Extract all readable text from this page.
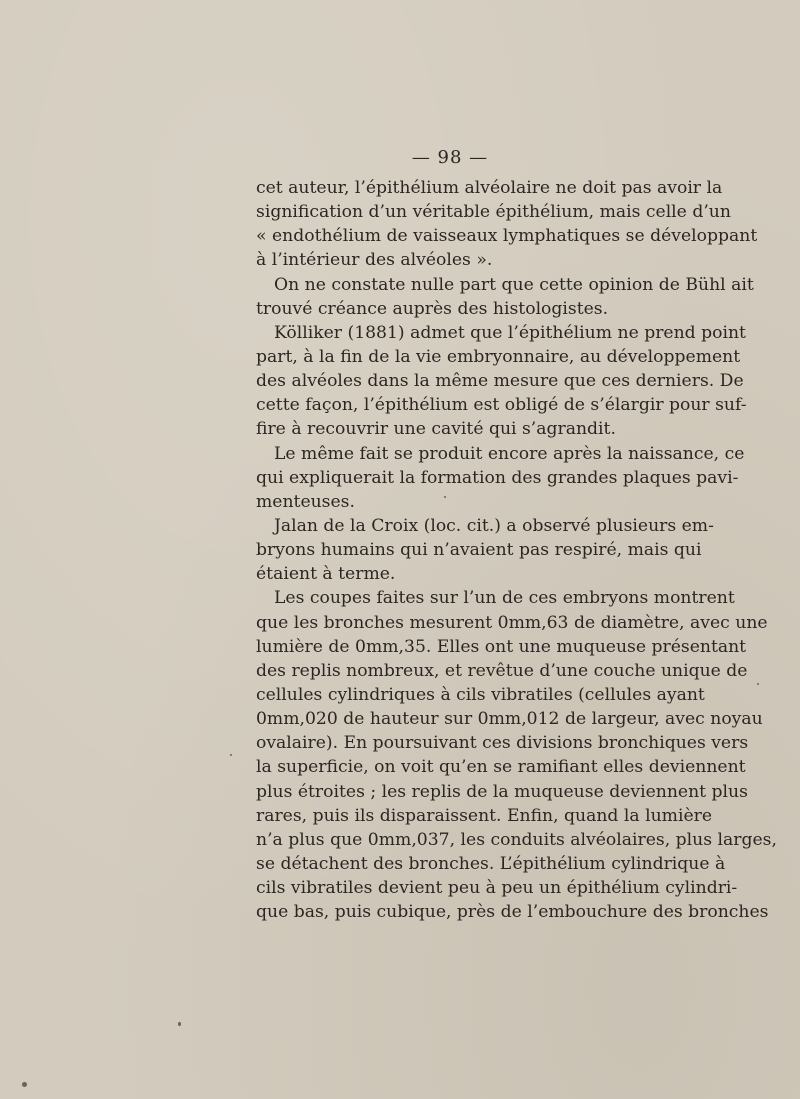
— 98 —
cet auteur, l’épithélium alvéolaire ne doit pas avoir la
signification d’un véritable épithélium, mais celle d’un
« endothélium de vaisseaux lymphatiques se développant
à l’intérieur des alvéoles ».
On ne constate nulle part que cette opinion de Bühl ait
trouvé créance auprès des histologistes.
Kölliker (1881) admet que l’épithélium ne prend point
part, à la fin de la vie embryonnaire, au développement
des alvéoles dans la même mesure que ces derniers. De
cette façon, l’épithélium est obligé de s’élargir pour suf-
fire à recouvrir une cavité qui s’agrandit.
Le même fait se produit encore après la naissance, ce
qui expliquerait la formation des grandes plaques pavi-
menteuses.
Jalan de la Croix (loc. cit.) a observé plusieurs em-
bryons humains qui n’avaient pas respiré, mais qui
étaient à terme.
Les coupes faites sur l’un de ces embryons montrent
que les bronches mesurent 0mm,63 de diamètre, avec une
lumière de 0mm,35. Elles ont une muqueuse présentant
des replis nombreux, et revêtue d’une couche unique de
cellules cylindriques à cils vibratiles (cellules ayant
0mm,020 de hauteur sur 0mm,012 de largeur, avec noyau
ovalaire). En poursuivant ces divisions bronchiques vers
la superficie, on voit qu’en se ramifiant elles deviennent
plus étroites ; les replis de la muqueuse deviennent plus
rares, puis ils disparaissent. Enfin, quand la lumière
n’a plus que 0mm,037, les conduits alvéolaires, plus larges,
se détachent des bronches. L’épithélium cylindrique à
cils vibratiles devient peu à peu un épithélium cylindri-
que bas, puis cubique, près de l’embouchure des bronches
